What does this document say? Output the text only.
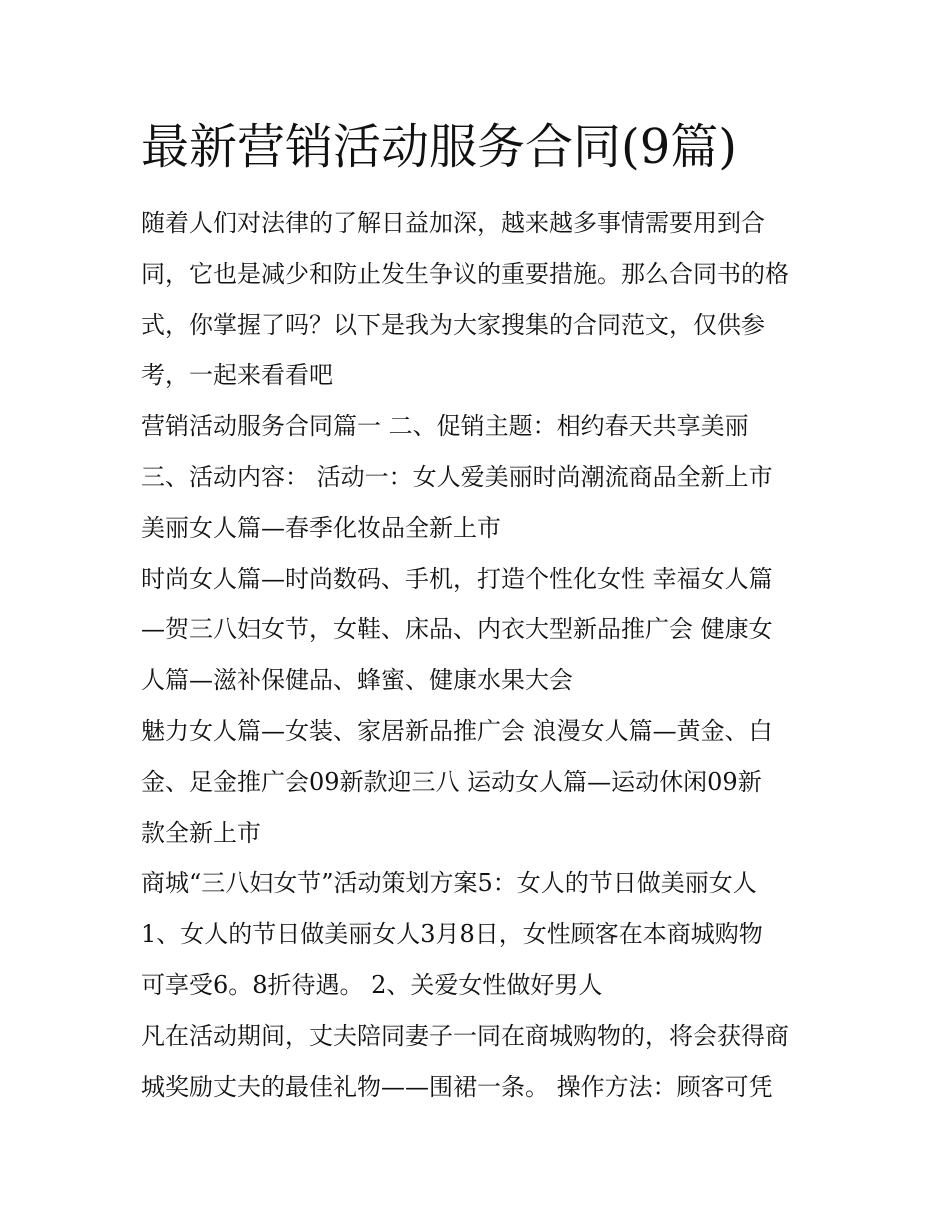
最新营销活动服务合同(9篇)

随着人们对法律的了解日益加深，越来越多事情需要用到合

同，它也是减少和防止发生争议的重要措施。那么合同书的格

式，你掌握了吗？以下是我为大家搜集的合同范文，仅供参

考，一起来看看吧

营销活动服务合同篇一 二、促销主题：相约春天共享美丽

三、活动内容： 活动一：女人爱美丽时尚潮流商品全新上市

美丽女人篇—春季化妆品全新上市

时尚女人篇—时尚数码、手机，打造个性化女性 幸福女人篇

—贺三八妇女节，女鞋、床品、内衣大型新品推广会 健康女

人篇—滋补保健品、蜂蜜、健康水果大会

魅力女人篇—女装、家居新品推广会 浪漫女人篇—黄金、白

金、足金推广会09新款迎三八 运动女人篇—运动休闲09新

款全新上市

商城“三八妇女节”活动策划方案5：女人的节日做美丽女人

1、女人的节日做美丽女人3月8日，女性顾客在本商城购物

可享受6。8折待遇。 2、关爱女性做好男人

凡在活动期间，丈夫陪同妻子一同在商城购物的，将会获得商

城奖励丈夫的最佳礼物——围裙一条。 操作方法：顾客可凭
